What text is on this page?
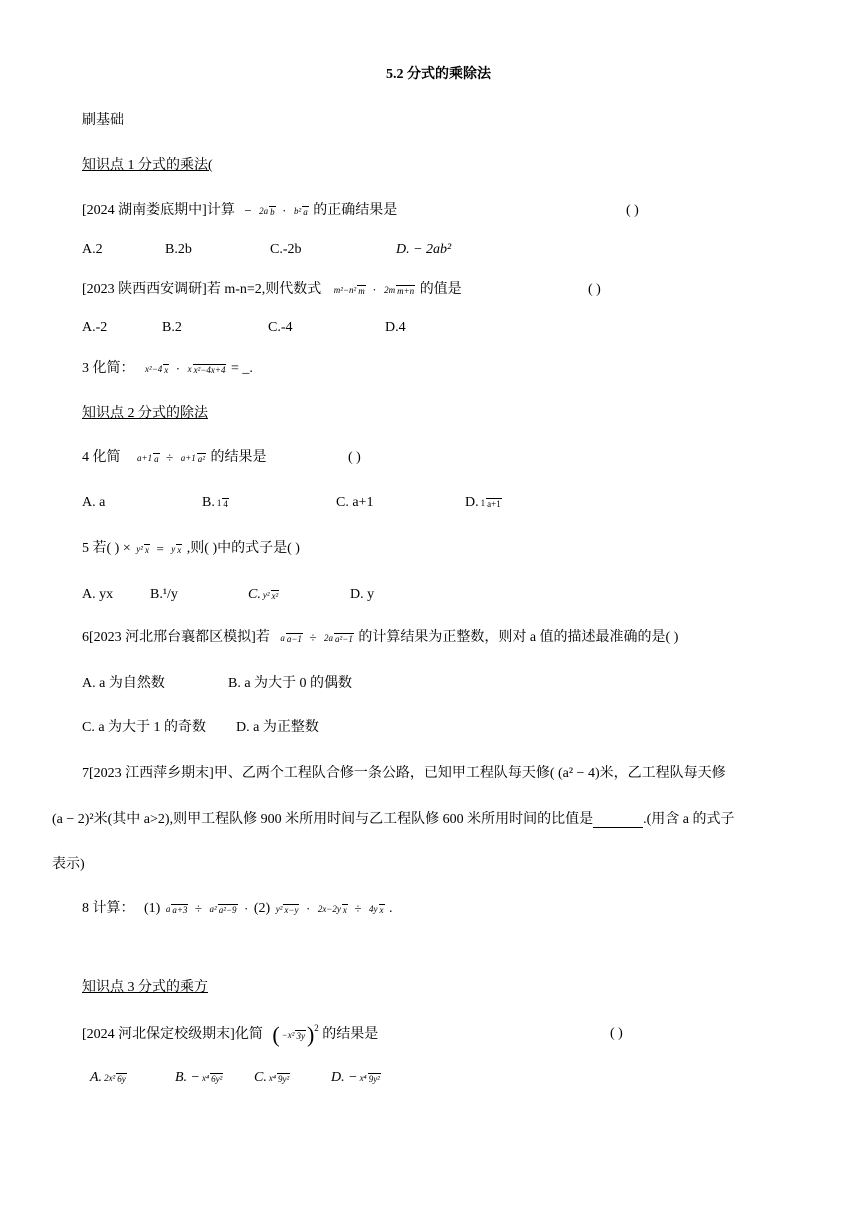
5.2 分式的乘除法
刷基础
知识点 1 分式的乘法(
[2024 湖南娄底期中]计算 − 2a b · b² a 的正确结果是	( )
A.2	B.2b	C.-2b	D. − 2ab²
[2023 陕西西安调研]若 m-n=2,则代数式 m²−n² m · 2m m+n 的值是	( )
A.-2	B.2	C.-4	D.4
3 化简： x²−4 x · x x²−4x+4 = _.
知识点 2 分式的除法
4 化简 a+1 a ÷ a+1 a² 的结果是	( )
A. a	B. 1 4	C. a+1	D. 1 a+1
5 若( ) × y² x = y x ,则( )中的式子是( )
A. yx	B.¹/y	C. y² x²	D. y
6[2023 河北邢台襄都区模拟]若 a a−1 ÷ 2a a²−1 的计算结果为正整数，则对 a 值的描述最准确的是( )
A. a 为自然数	B. a 为大于 0 的偶数
C. a 为大于 1 的奇数 D. a 为正整数
7[2023 江西萍乡期末]甲、乙两个工程队合修一条公路，已知甲工程队每天修( (a² − 4)米，乙工程队每天修
(a − 2)²米(其中 a>2),则甲工程队修 900 米所用时间与乙工程队修 600 米所用时间的比值是	.(用含 a 的式子
表示)
8 计算： (1) a a+3 ÷ a² a²−9 · (2) y² x−y · 2x−2y x ÷ 4y x .
知识点 3 分式的乘方
[2024 河北保定校级期末]化简 ( −x² 3y)2 的结果是	( )
A. 2x² 6y	B. − x⁴ 6y² C. x⁴ 9y²	D. − x⁴ 9y²
